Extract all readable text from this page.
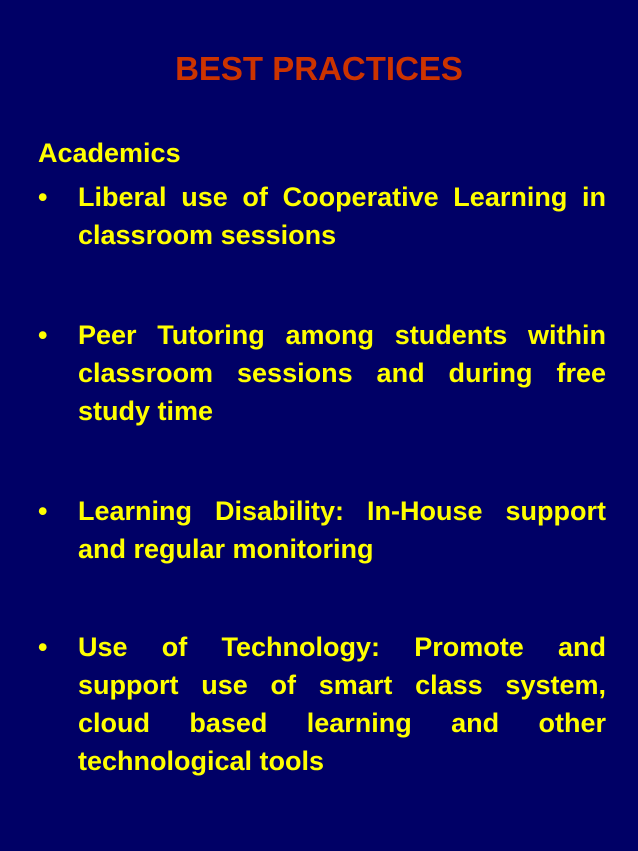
BEST PRACTICES
Academics
• Liberal use of Cooperative Learning in classroom sessions
• Peer Tutoring among students within classroom sessions and during free study time
• Learning Disability: In-House support and regular monitoring
• Use of Technology: Promote and support use of smart class system, cloud based learning and other technological tools
